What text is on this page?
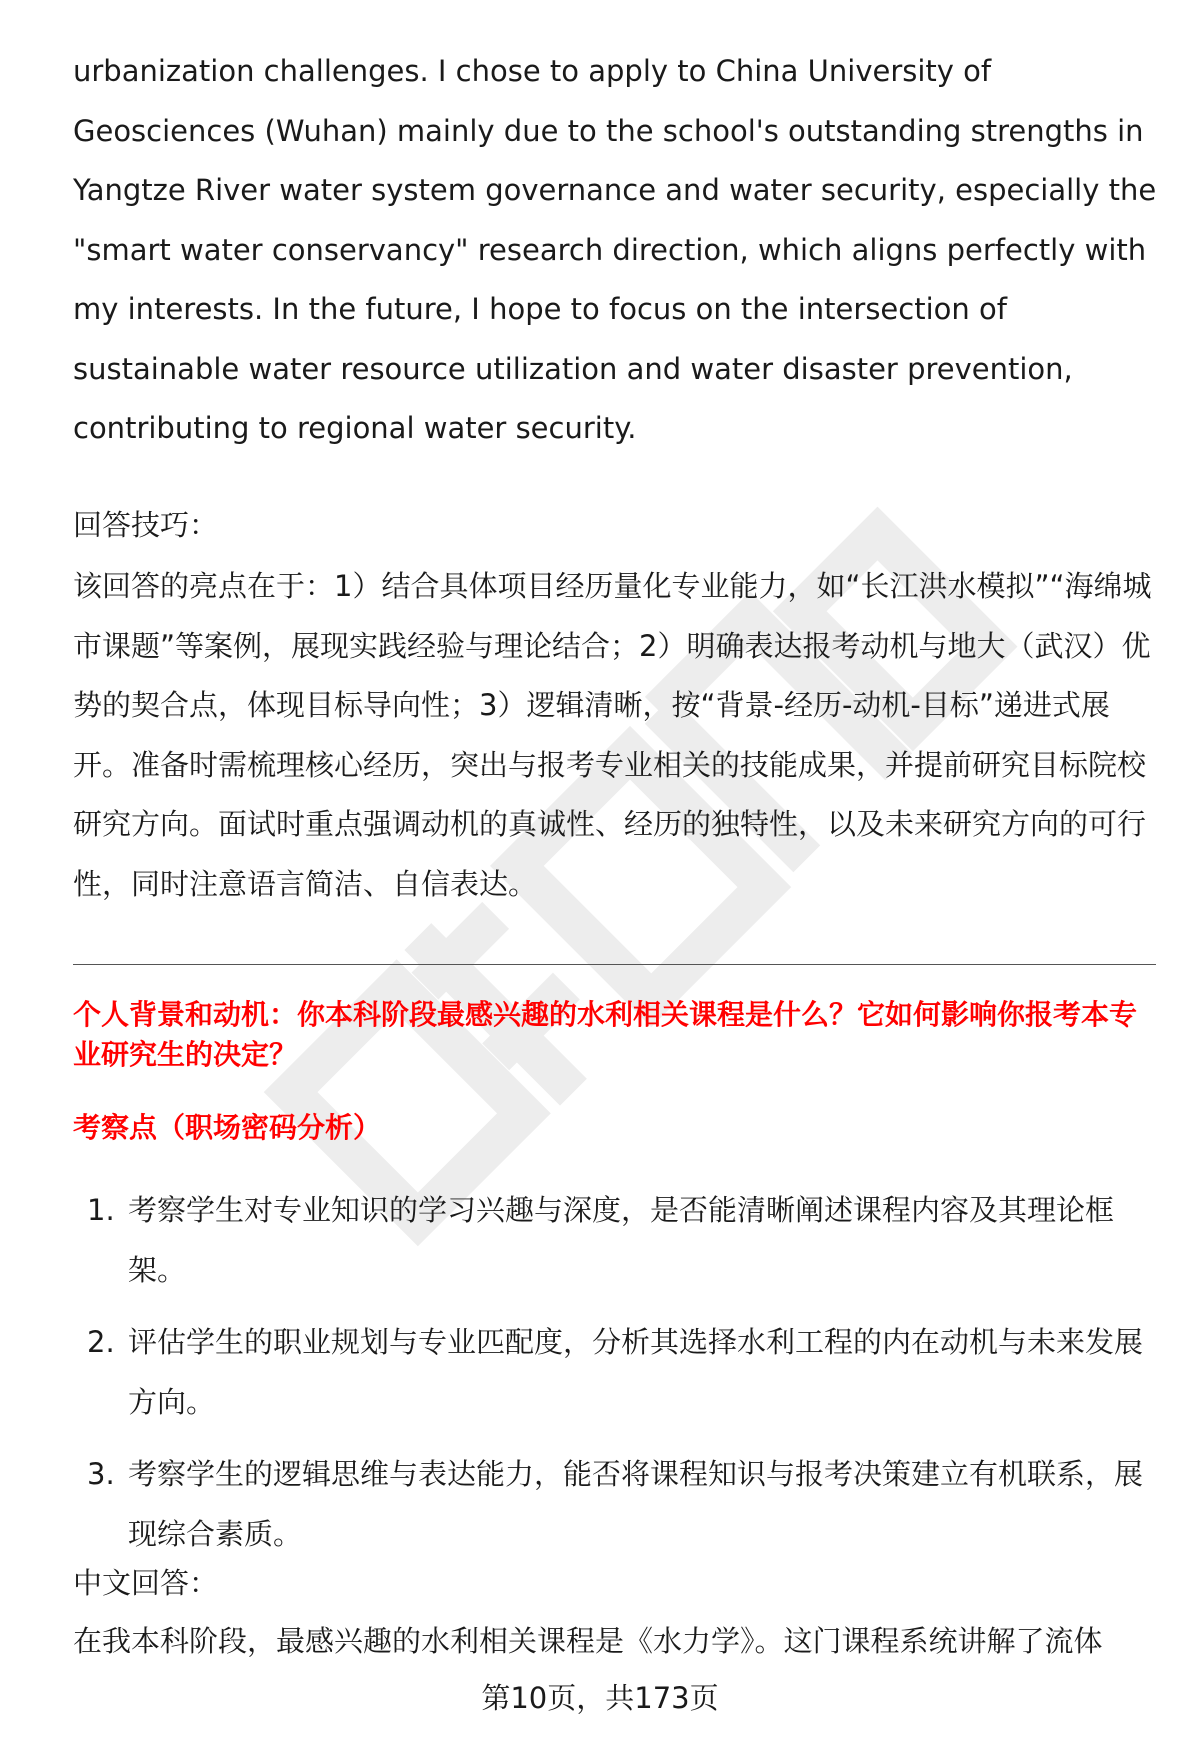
urbanization challenges. I chose to apply to China University of Geosciences (Wuhan) mainly due to the school's outstanding strengths in Yangtze River water system governance and water security, especially the "smart water conservancy" research direction, which aligns perfectly with my interests. In the future, I hope to focus on the intersection of sustainable water resource utilization and water disaster prevention, contributing to regional water security.

回答技巧：

该回答的亮点在于：1）结合具体项目经历量化专业能力，如“长江洪水模拟”“海绵城市课题”等案例，展现实践经验与理论结合；2）明确表达报考动机与地大（武汉）优势的契合点，体现目标导向性；3）逻辑清晰，按“背景-经历-动机-目标”递进式展开。准备时需梳理核心经历，突出与报考专业相关的技能成果，并提前研究目标院校研究方向。面试时重点强调动机的真诚性、经历的独特性，以及未来研究方向的可行性，同时注意语言简洁、自信表达。

个人背景和动机：你本科阶段最感兴趣的水利相关课程是什么？它如何影响你报考本专业研究生的决定？

考察点（职场密码分析）

1. 考察学生对专业知识的学习兴趣与深度，是否能清晰阐述课程内容及其理论框架。
2. 评估学生的职业规划与专业匹配度，分析其选择水利工程的内在动机与未来发展方向。
3. 考察学生的逻辑思维与表达能力，能否将课程知识与报考决策建立有机联系，展现综合素质。

中文回答：

在我本科阶段，最感兴趣的水利相关课程是《水力学》。这门课程系统讲解了流体

第10页，共173页
